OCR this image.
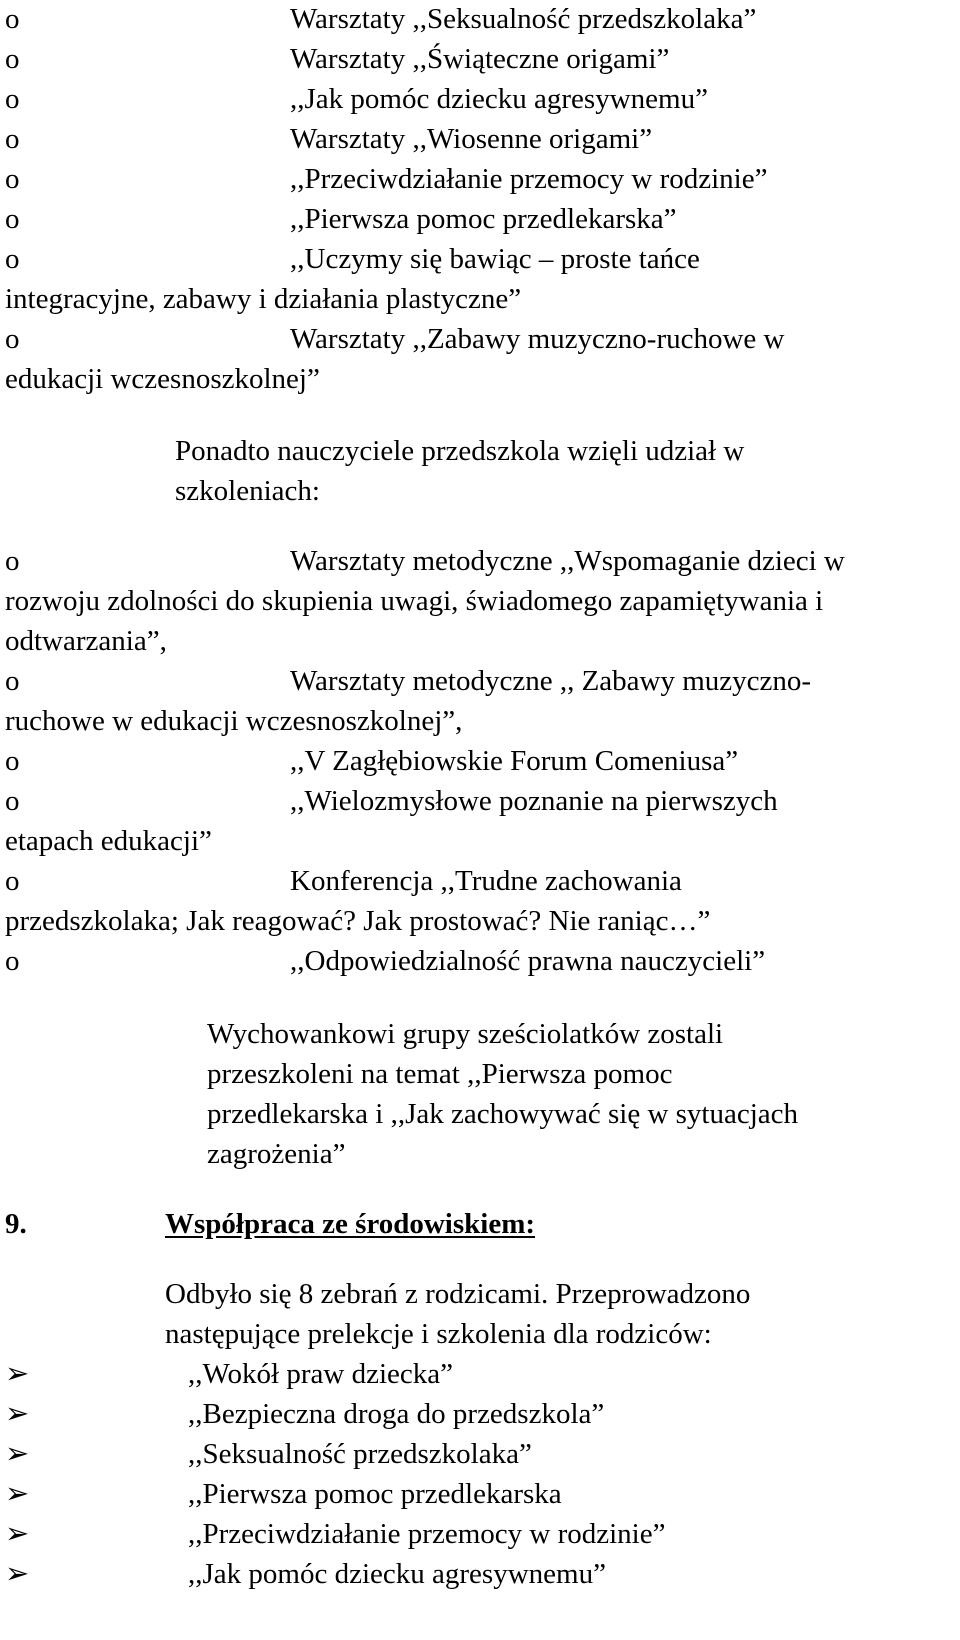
o	Warsztaty ,,Seksualność przedszkolaka”
o	Warsztaty ,,Świąteczne origami”
o	,,Jak pomóc dziecku agresywnemu”
o	Warsztaty ,,Wiosenne origami”
o	,,Przeciwdziałanie przemocy w rodzinie”
o	,,Pierwsza pomoc przedlekarska”
o	,,Uczymy się bawiąc – proste tańce
integracyjne, zabawy i działania plastyczne”
o	Warsztaty ,,Zabawy muzyczno-ruchowe w
edukacji wczesnoszkolnej”
Ponadto nauczyciele przedszkola wzięli udział w
szkoleniach:
o	Warsztaty metodyczne ,,Wspomaganie dzieci w
rozwoju zdolności do skupienia uwagi, świadomego zapamiętywania i
odtwarzania”,
o	Warsztaty metodyczne ,, Zabawy muzyczno-
ruchowe w edukacji wczesnoszkolnej”,
o	,,V Zagłębiowskie Forum Comeniusa”
o	,,Wielozmysłowe poznanie na pierwszych
etapach edukacji”
o	Konferencja ,,Trudne zachowania
przedszkolaka; Jak reagować? Jak prostować? Nie raniąc…”
o	,,Odpowiedzialność prawna nauczycieli”
Wychowankowi grupy sześciolatków zostali
przeszkoleni na temat ,,Pierwsza pomoc
przedlekarska i ,,Jak zachowywać się w sytuacjach
zagrożenia”
9.	Współpraca ze środowiskiem:
Odbyło się 8 zebrań z rodzicami. Przeprowadzono
następujące prelekcje i szkolenia dla rodziców:
➢	,,Wokół praw dziecka”
➢	,,Bezpieczna droga do przedszkola”
➢	,,Seksualność przedszkolaka”
➢	,,Pierwsza pomoc przedlekarska
➢	,,Przeciwdziałanie przemocy w rodzinie”
➢	,,Jak pomóc dziecku agresywnemu”
